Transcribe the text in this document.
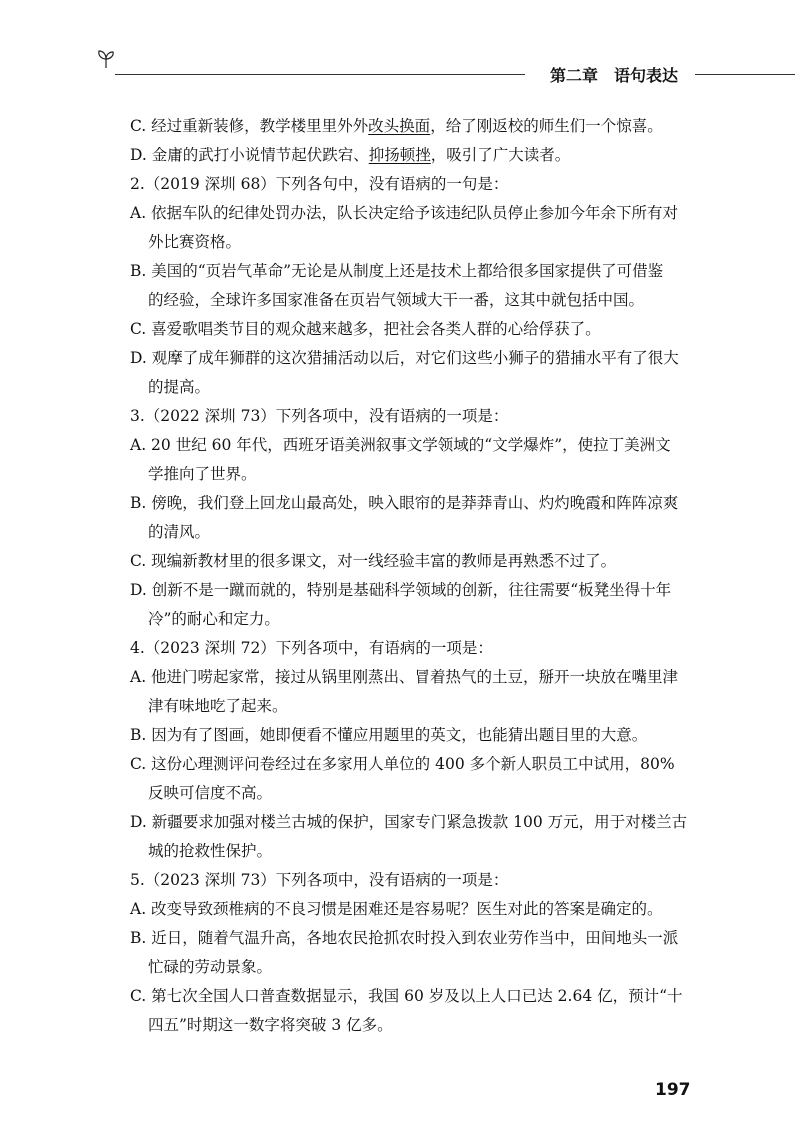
第二章 语句表达
C. 经过重新装修，教学楼里里外外改头换面，给了刚返校的师生们一个惊喜。
D. 金庸的武打小说情节起伏跌宕、抑扬顿挫，吸引了广大读者。
2.（2019 深圳 68）下列各句中，没有语病的一句是：
A. 依据车队的纪律处罚办法，队长决定给予该违纪队员停止参加今年余下所有对
外比赛资格。
B. 美国的“页岩气革命”无论是从制度上还是技术上都给很多国家提供了可借鉴
的经验，全球许多国家准备在页岩气领域大干一番，这其中就包括中国。
C. 喜爱歌唱类节目的观众越来越多，把社会各类人群的心给俘获了。
D. 观摩了成年狮群的这次猎捕活动以后，对它们这些小狮子的猎捕水平有了很大
的提高。
3.（2022 深圳 73）下列各项中，没有语病的一项是：
A. 20 世纪 60 年代，西班牙语美洲叙事文学领域的“文学爆炸”，使拉丁美洲文
学推向了世界。
B. 傍晚，我们登上回龙山最高处，映入眼帘的是莽莽青山、灼灼晚霞和阵阵凉爽
的清风。
C. 现编新教材里的很多课文，对一线经验丰富的教师是再熟悉不过了。
D. 创新不是一蹴而就的，特别是基础科学领域的创新，往往需要“板凳坐得十年
冷”的耐心和定力。
4.（2023 深圳 72）下列各项中，有语病的一项是：
A. 他进门唠起家常，接过从锅里刚蒸出、冒着热气的土豆，掰开一块放在嘴里津
津有味地吃了起来。
B. 因为有了图画，她即便看不懂应用题里的英文，也能猜出题目里的大意。
C. 这份心理测评问卷经过在多家用人单位的 400 多个新人职员工中试用，80%
反映可信度不高。
D. 新疆要求加强对楼兰古城的保护，国家专门紧急拨款 100 万元，用于对楼兰古
城的抢救性保护。
5.（2023 深圳 73）下列各项中，没有语病的一项是：
A. 改变导致颈椎病的不良习惯是困难还是容易呢？医生对此的答案是确定的。
B. 近日，随着气温升高，各地农民抢抓农时投入到农业劳作当中，田间地头一派
忙碌的劳动景象。
C. 第七次全国人口普查数据显示，我国 60 岁及以上人口已达 2.64 亿，预计“十
四五”时期这一数字将突破 3 亿多。
197
